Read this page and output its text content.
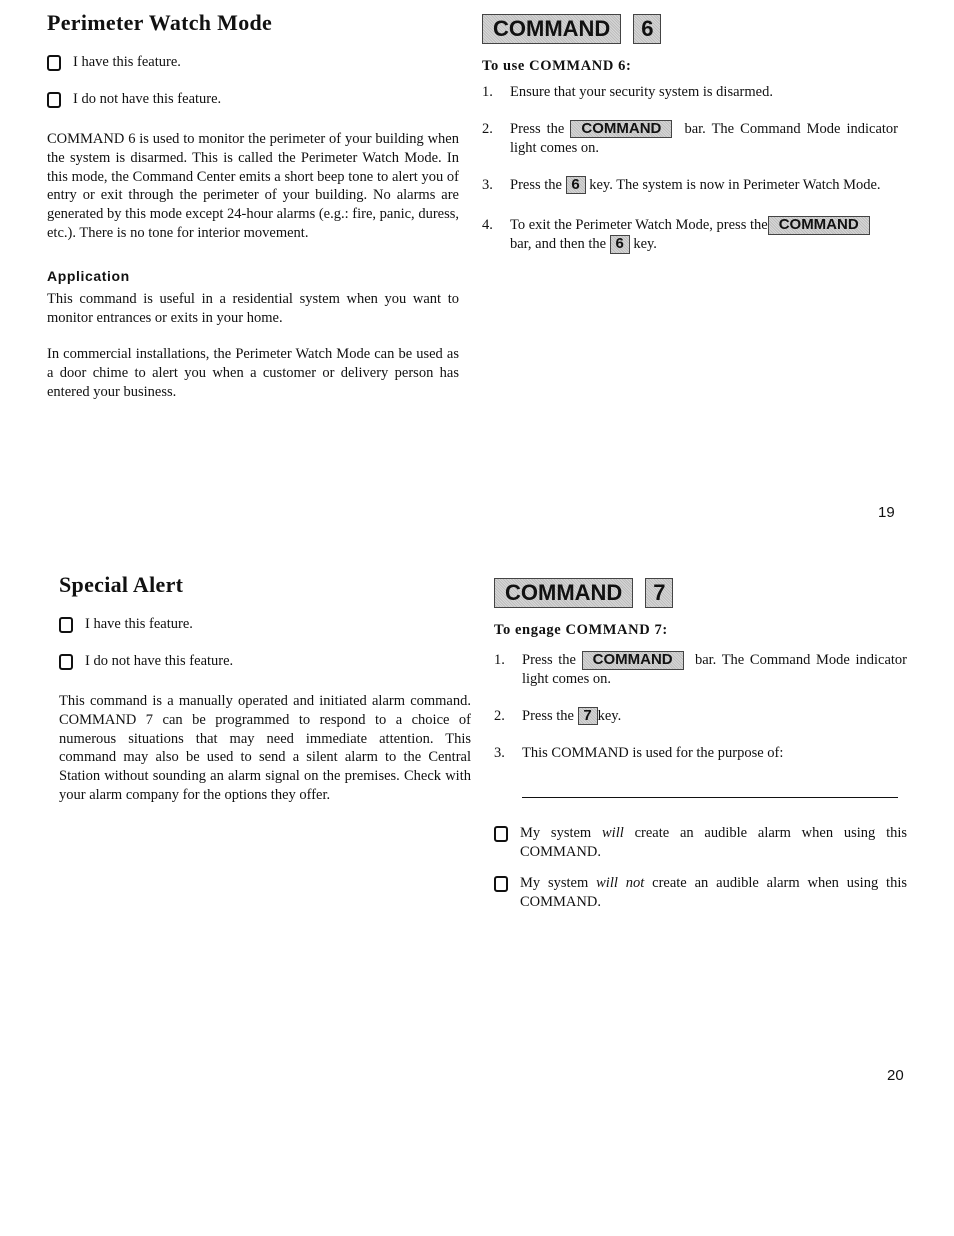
Perimeter Watch Mode
I have this feature.
I do not have this feature.

COMMAND 6 is used to monitor the perimeter of your building when the system is disarmed. This is called the Perimeter Watch Mode. In this mode, the Command Center emits a short beep tone to alert you of entry or exit through the perimeter of your building. No alarms are generated by this mode except 24-hour alarms (e.g.: fire, panic, duress, etc.). There is no tone for interior movement.

Application

This command is useful in a residential system when you want to monitor entrances or exits in your home.

In commercial installations, the Perimeter Watch Mode can be used as a door chime to alert you when a customer or delivery person has entered your business.

COMMAND	6
To use COMMAND 6:
1.	Ensure that your security system is disarmed.
2.	Press the COMMAND bar. The Command Mode indicator light comes on.
3.	Press the 6 key. The system is now in Perimeter Watch Mode.
4.	To exit the Perimeter Watch Mode, press the COMMAND
bar, and then the 6 key.
19
Special Alert
I have this feature.
I do not have this feature.

This command is a manually operated and initiated alarm command. COMMAND 7 can be programmed to respond to a choice of numerous situations that may need immediate attention. This command may also be used to send a silent alarm to the Central Station without sounding an alarm signal on the premises. Check with your alarm company for the options they offer.

COMMAND	7
To engage COMMAND 7:
1.	Press the COMMAND bar. The Command Mode indicator light comes on.
2.	Press the 7 key.
3.	This COMMAND is used for the purpose of:

My system will create an audible alarm when using this COMMAND.

My system will not create an audible alarm when using this COMMAND.

20
